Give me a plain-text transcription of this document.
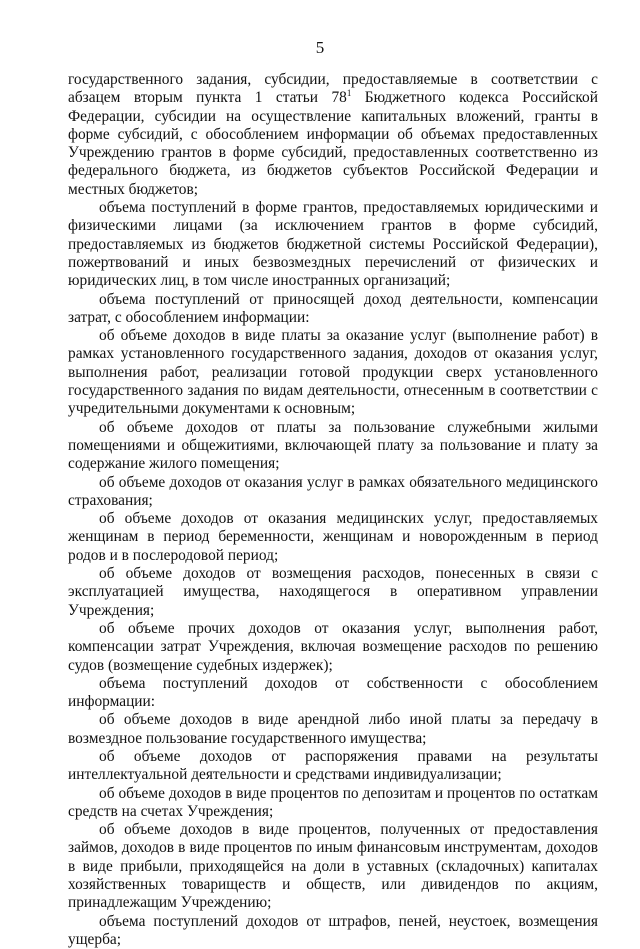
5

государственного задания, субсидии, предоставляемые в соответствии с абзацем вторым пункта 1 статьи $78^1$ Бюджетного кодекса Российской Федерации, субсидии на осуществление капитальных вложений, гранты в форме субсидий, с обособлением информации об объемах предоставленных Учреждению грантов в форме субсидий, предоставленных соответственно из федерального бюджета, из бюджетов субъектов Российской Федерации и местных бюджетов;

объема поступлений в форме грантов, предоставляемых юридическими и физическими лицами (за исключением грантов в форме субсидий, предоставляемых из бюджетов бюджетной системы Российской Федерации), пожертвований и иных безвозмездных перечислений от физических и юридических лиц, в том числе иностранных организаций;

объема поступлений от приносящей доход деятельности, компенсации затрат, с обособлением информации:

об объеме доходов в виде платы за оказание услуг (выполнение работ) в рамках установленного государственного задания, доходов от оказания услуг, выполнения работ, реализации готовой продукции сверх установленного государственного задания по видам деятельности, отнесенным в соответствии с учредительными документами к основным;

об объеме доходов от платы за пользование служебными жилыми помещениями и общежитиями, включающей плату за пользование и плату за содержание жилого помещения;

об объеме доходов от оказания услуг в рамках обязательного медицинского страхования;

об объеме доходов от оказания медицинских услуг, предоставляемых женщинам в период беременности, женщинам и новорожденным в период родов и в послеродовой период;

об объеме доходов от возмещения расходов, понесенных в связи с эксплуатацией имущества, находящегося в оперативном управлении Учреждения;

об объеме прочих доходов от оказания услуг, выполнения работ, компенсации затрат Учреждения, включая возмещение расходов по решению судов (возмещение судебных издержек);

объема поступлений доходов от собственности с обособлением информации:

об объеме доходов в виде арендной либо иной платы за передачу в возмездное пользование государственного имущества;

об объеме доходов от распоряжения правами на результаты интеллектуальной деятельности и средствами индивидуализации;

об объеме доходов в виде процентов по депозитам и процентов по остаткам средств на счетах Учреждения;

об объеме доходов в виде процентов, полученных от предоставления займов, доходов в виде процентов по иным финансовым инструментам, доходов в виде прибыли, приходящейся на доли в уставных (складочных) капиталах хозяйственных товариществ и обществ, или дивидендов по акциям, принадлежащим Учреждению;

объема поступлений доходов от штрафов, пеней, неустоек, возмещения ущерба;
